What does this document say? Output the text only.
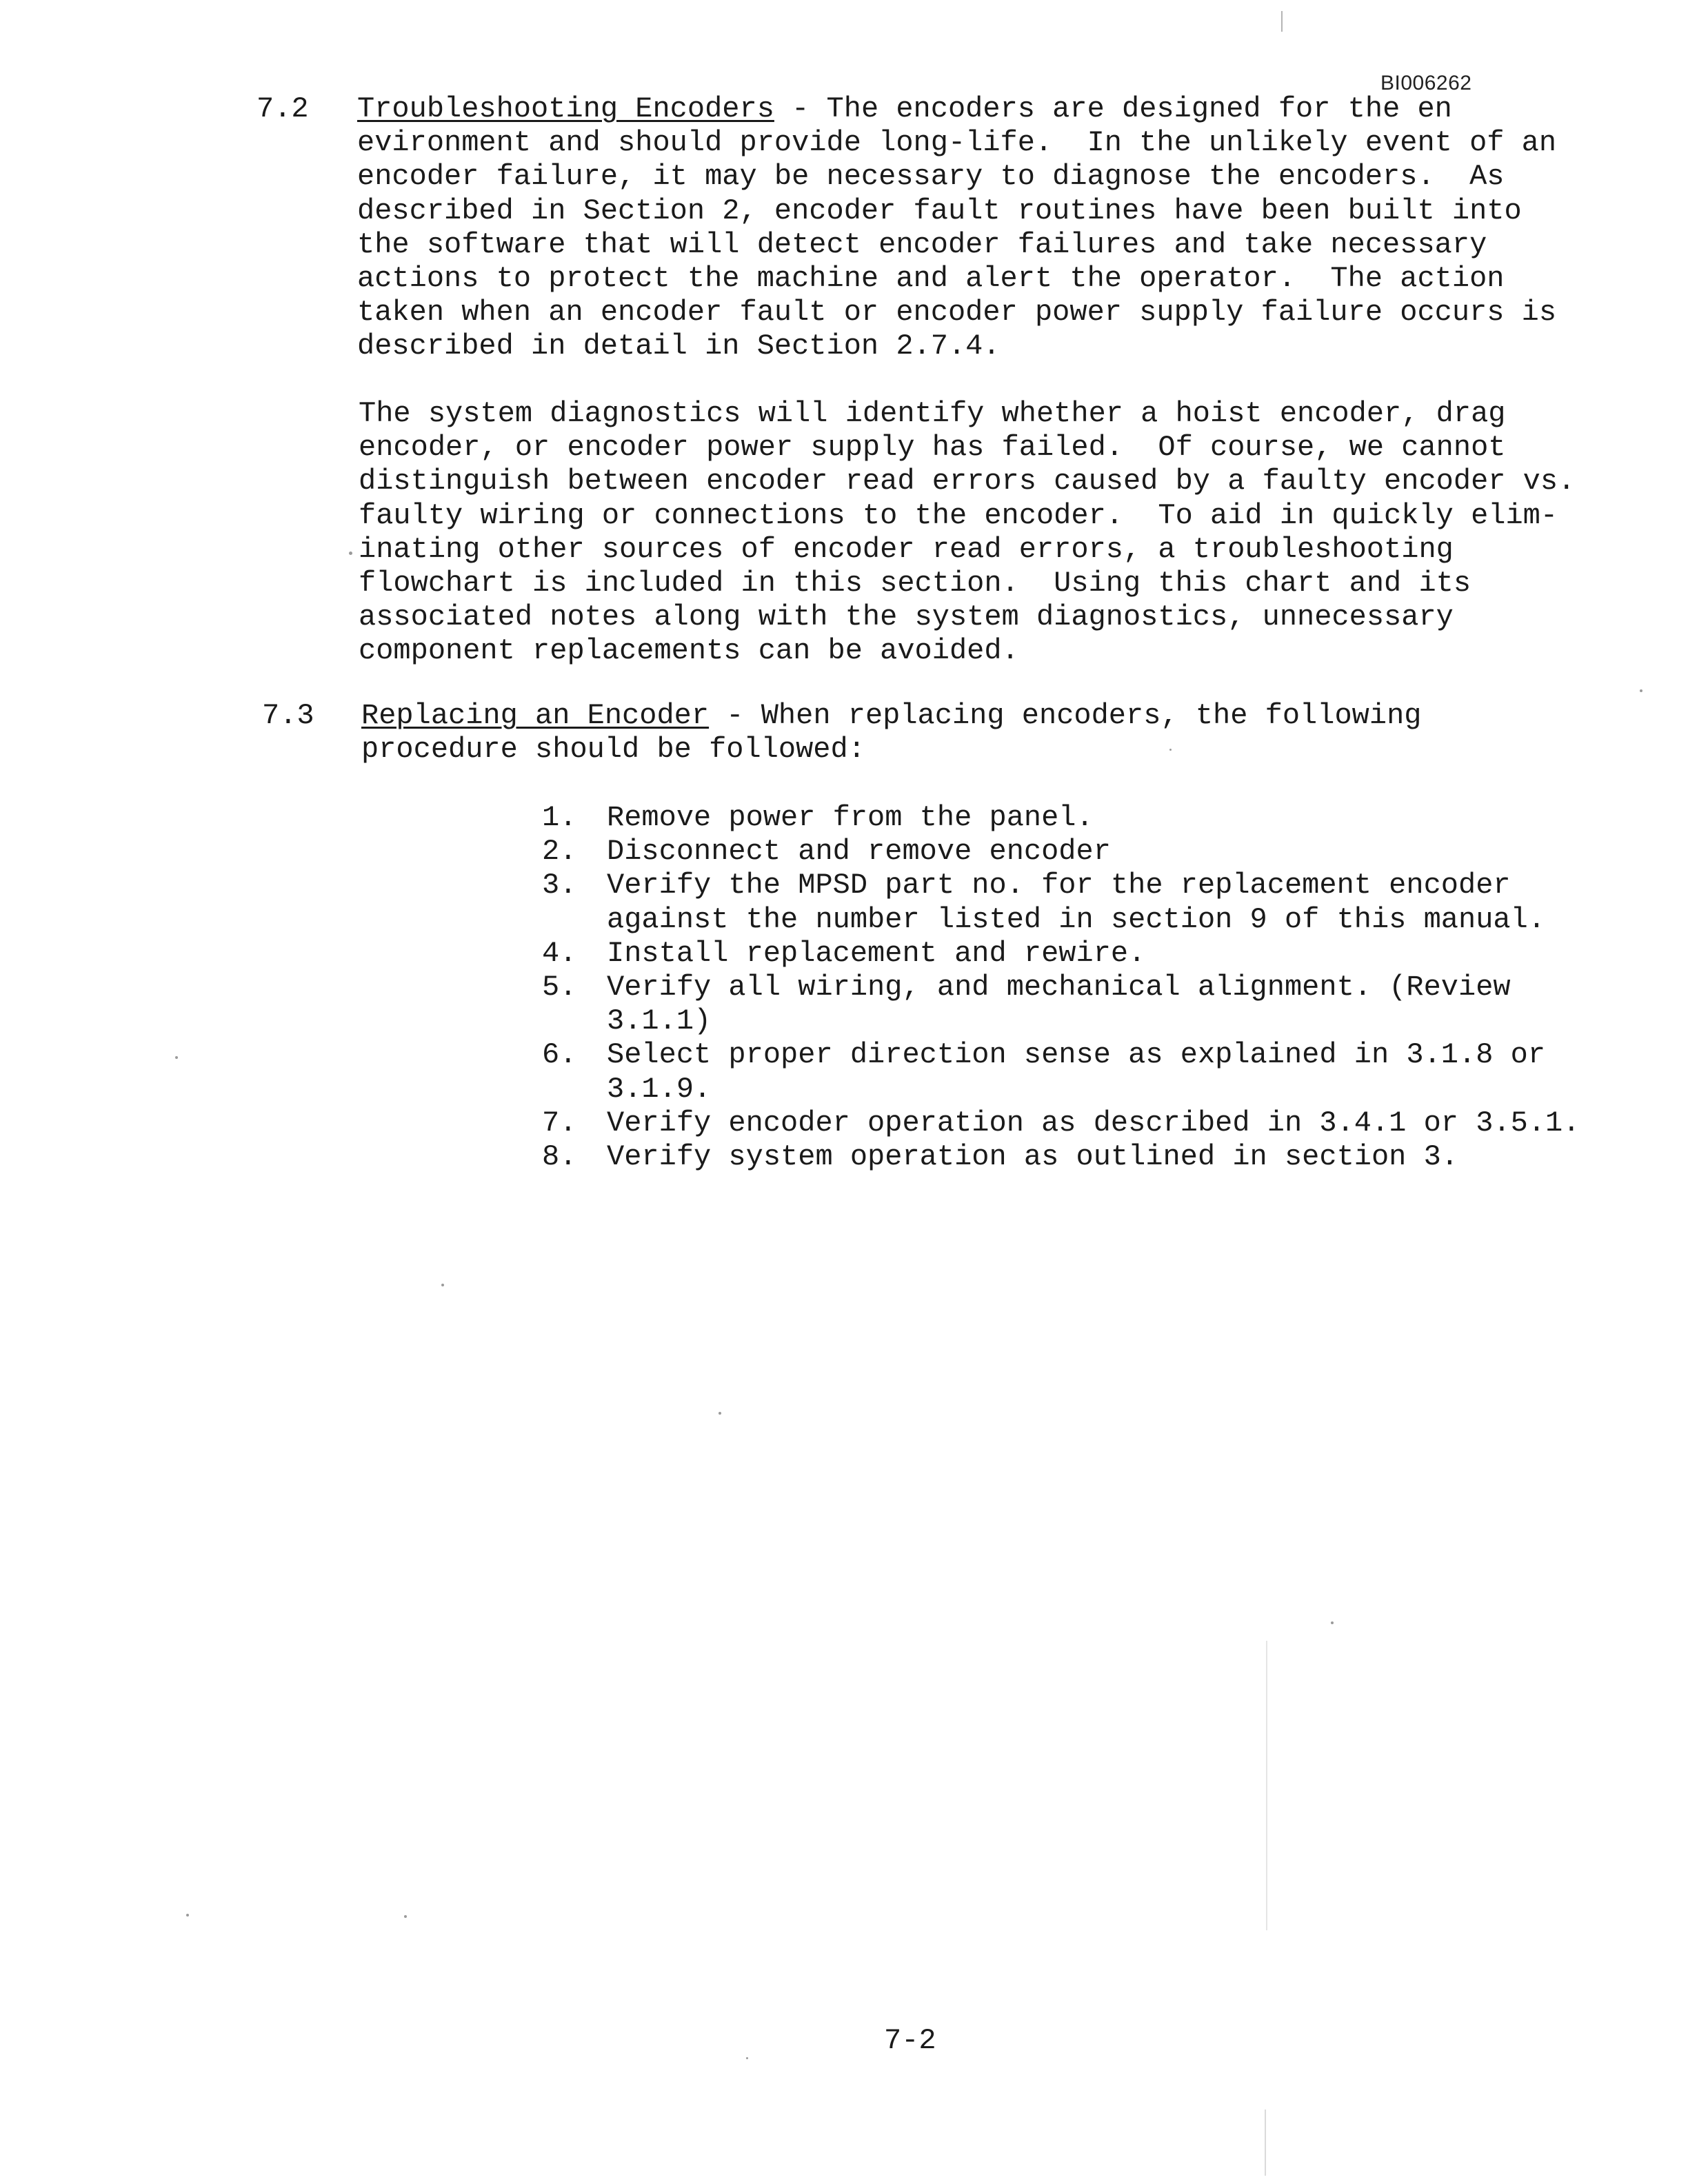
BI006262
7.2 Troubleshooting Encoders - The encoders are designed for the en
evironment and should provide long-life.  In the unlikely event of an
encoder failure, it may be necessary to diagnose the encoders.  As
described in Section 2, encoder fault routines have been built into
the software that will detect encoder failures and take necessary
actions to protect the machine and alert the operator.  The action
taken when an encoder fault or encoder power supply failure occurs is
described in detail in Section 2.7.4.
The system diagnostics will identify whether a hoist encoder, drag
encoder, or encoder power supply has failed.  Of course, we cannot
distinguish between encoder read errors caused by a faulty encoder vs.
faulty wiring or connections to the encoder.  To aid in quickly elim-
inating other sources of encoder read errors, a troubleshooting
flowchart is included in this section.  Using this chart and its
associated notes along with the system diagnostics, unnecessary
component replacements can be avoided.
7.3 Replacing an Encoder - When replacing encoders, the following
procedure should be followed:
1. Remove power from the panel.
2. Disconnect and remove encoder
3. Verify the MPSD part no. for the replacement encoder
against the number listed in section 9 of this manual.
4. Install replacement and rewire.
5. Verify all wiring, and mechanical alignment. (Review
3.1.1)
6. Select proper direction sense as explained in 3.1.8 or
3.1.9.
7. Verify encoder operation as described in 3.4.1 or 3.5.1.
8. Verify system operation as outlined in section 3.
7-2
